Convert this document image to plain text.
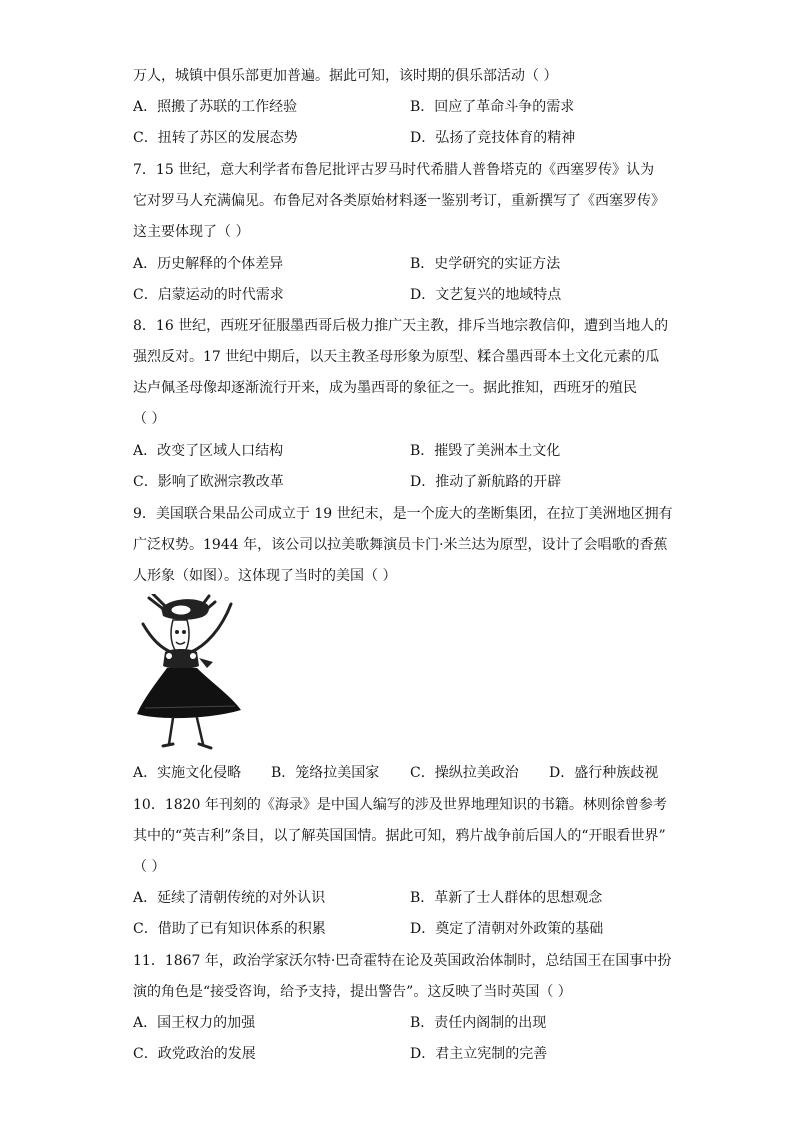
万人，城镇中俱乐部更加普遍。据此可知，该时期的俱乐部活动（ ）
A．照搬了苏联的工作经验	B．回应了革命斗争的需求
C．扭转了苏区的发展态势	D．弘扬了竞技体育的精神
7．15 世纪，意大利学者布鲁尼批评古罗马时代希腊人普鲁塔克的《西塞罗传》认为
它对罗马人充满偏见。布鲁尼对各类原始材料逐一鉴别考订，重新撰写了《西塞罗传》
这主要体现了（ ）
A．历史解释的个体差异	B．史学研究的实证方法
C．启蒙运动的时代需求	D．文艺复兴的地域特点
8．16 世纪，西班牙征服墨西哥后极力推广天主教，排斥当地宗教信仰，遭到当地人的
强烈反对。17 世纪中期后，以天主教圣母形象为原型、糅合墨西哥本土文化元素的瓜
达卢佩圣母像却逐渐流行开来，成为墨西哥的象征之一。据此推知，西班牙的殖民
（ ）
A．改变了区域人口结构	B．摧毁了美洲本土文化
C．影响了欧洲宗教改革	D．推动了新航路的开辟
9．美国联合果品公司成立于 19 世纪末，是一个庞大的垄断集团，在拉丁美洲地区拥有
广泛权势。1944 年，该公司以拉美歌舞演员卡门·米兰达为原型，设计了会唱歌的香蕉
人形象（如图）。这体现了当时的美国（ ）
A．实施文化侵略 B．笼络拉美国家 C．操纵拉美政治 D．盛行种族歧视
10．1820 年刊刻的《海录》是中国人编写的涉及世界地理知识的书籍。林则徐曾参考
其中的“英吉利”条目，以了解英国国情。据此可知，鸦片战争前后国人的“开眼看世界”
（ ）
A．延续了清朝传统的对外认识	B．革新了士人群体的思想观念
C．借助了已有知识体系的积累	D．奠定了清朝对外政策的基础
11．1867 年，政治学家沃尔特·巴奇霍特在论及英国政治体制时，总结国王在国事中扮
演的角色是“接受咨询，给予支持，提出警告”。这反映了当时英国（ ）
A．国王权力的加强	B．责任内阁制的出现
C．政党政治的发展	D．君主立宪制的完善
